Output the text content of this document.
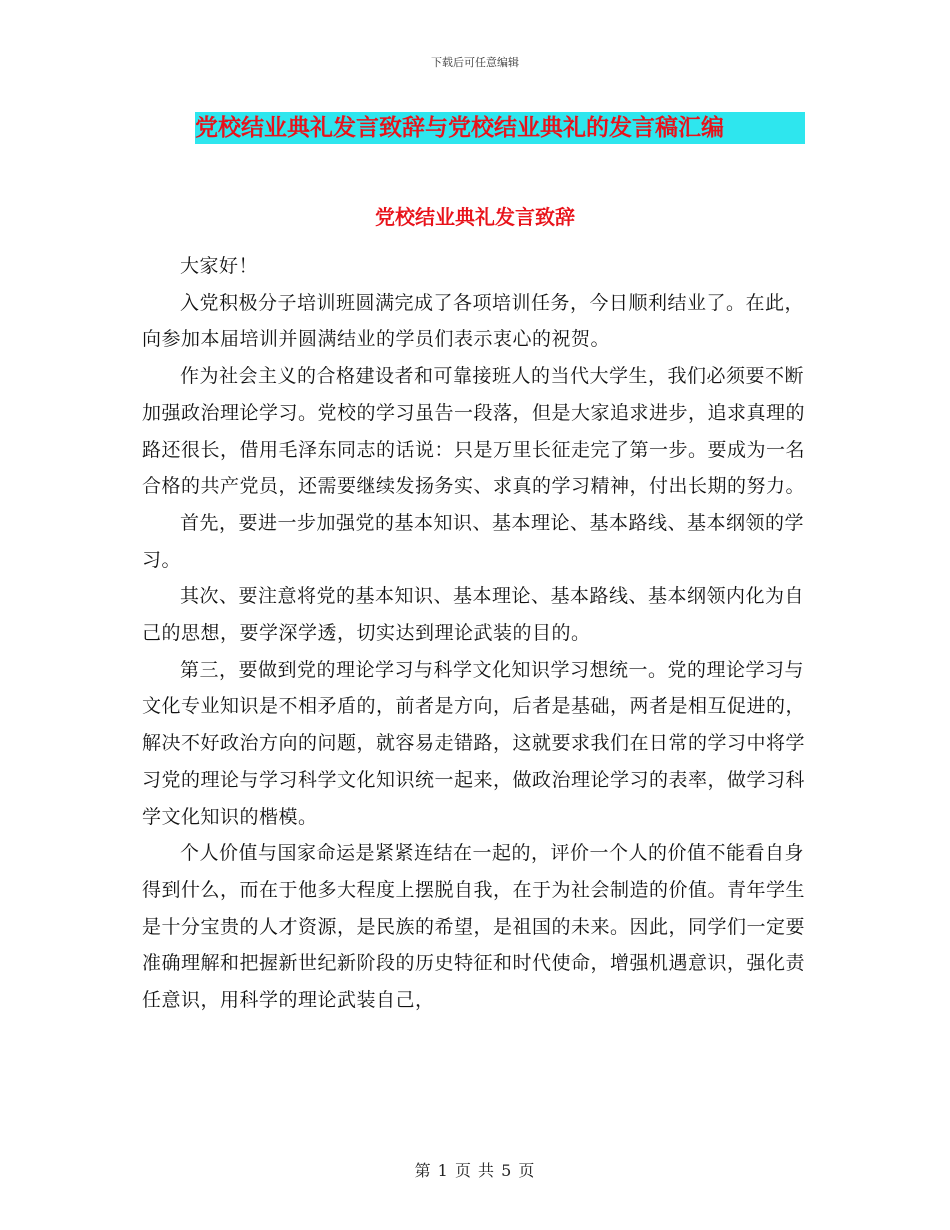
下载后可任意编辑
党校结业典礼发言致辞与党校结业典礼的发言稿汇编
党校结业典礼发言致辞

大家好！

入党积极分子培训班圆满完成了各项培训任务，今日顺利结业了。在此，向参加本届培训并圆满结业的学员们表示衷心的祝贺。

作为社会主义的合格建设者和可靠接班人的当代大学生，我们必须要不断加强政治理论学习。党校的学习虽告一段落，但是大家追求进步，追求真理的路还很长，借用毛泽东同志的话说：只是万里长征走完了第一步。要成为一名合格的共产党员，还需要继续发扬务实、求真的学习精神，付出长期的努力。

首先，要进一步加强党的基本知识、基本理论、基本路线、基本纲领的学习。

其次、要注意将党的基本知识、基本理论、基本路线、基本纲领内化为自己的思想，要学深学透，切实达到理论武装的目的。

第三，要做到党的理论学习与科学文化知识学习想统一。党的理论学习与文化专业知识是不相矛盾的，前者是方向，后者是基础，两者是相互促进的，解决不好政治方向的问题，就容易走错路，这就要求我们在日常的学习中将学习党的理论与学习科学文化知识统一起来，做政治理论学习的表率，做学习科学文化知识的楷模。

个人价值与国家命运是紧紧连结在一起的，评价一个人的价值不能看自身得到什么，而在于他多大程度上摆脱自我，在于为社会制造的价值。青年学生是十分宝贵的人才资源，是民族的希望，是祖国的未来。因此，同学们一定要准确理解和把握新世纪新阶段的历史特征和时代使命，增强机遇意识，强化责任意识，用科学的理论武装自己，

第 1 页 共 5 页
